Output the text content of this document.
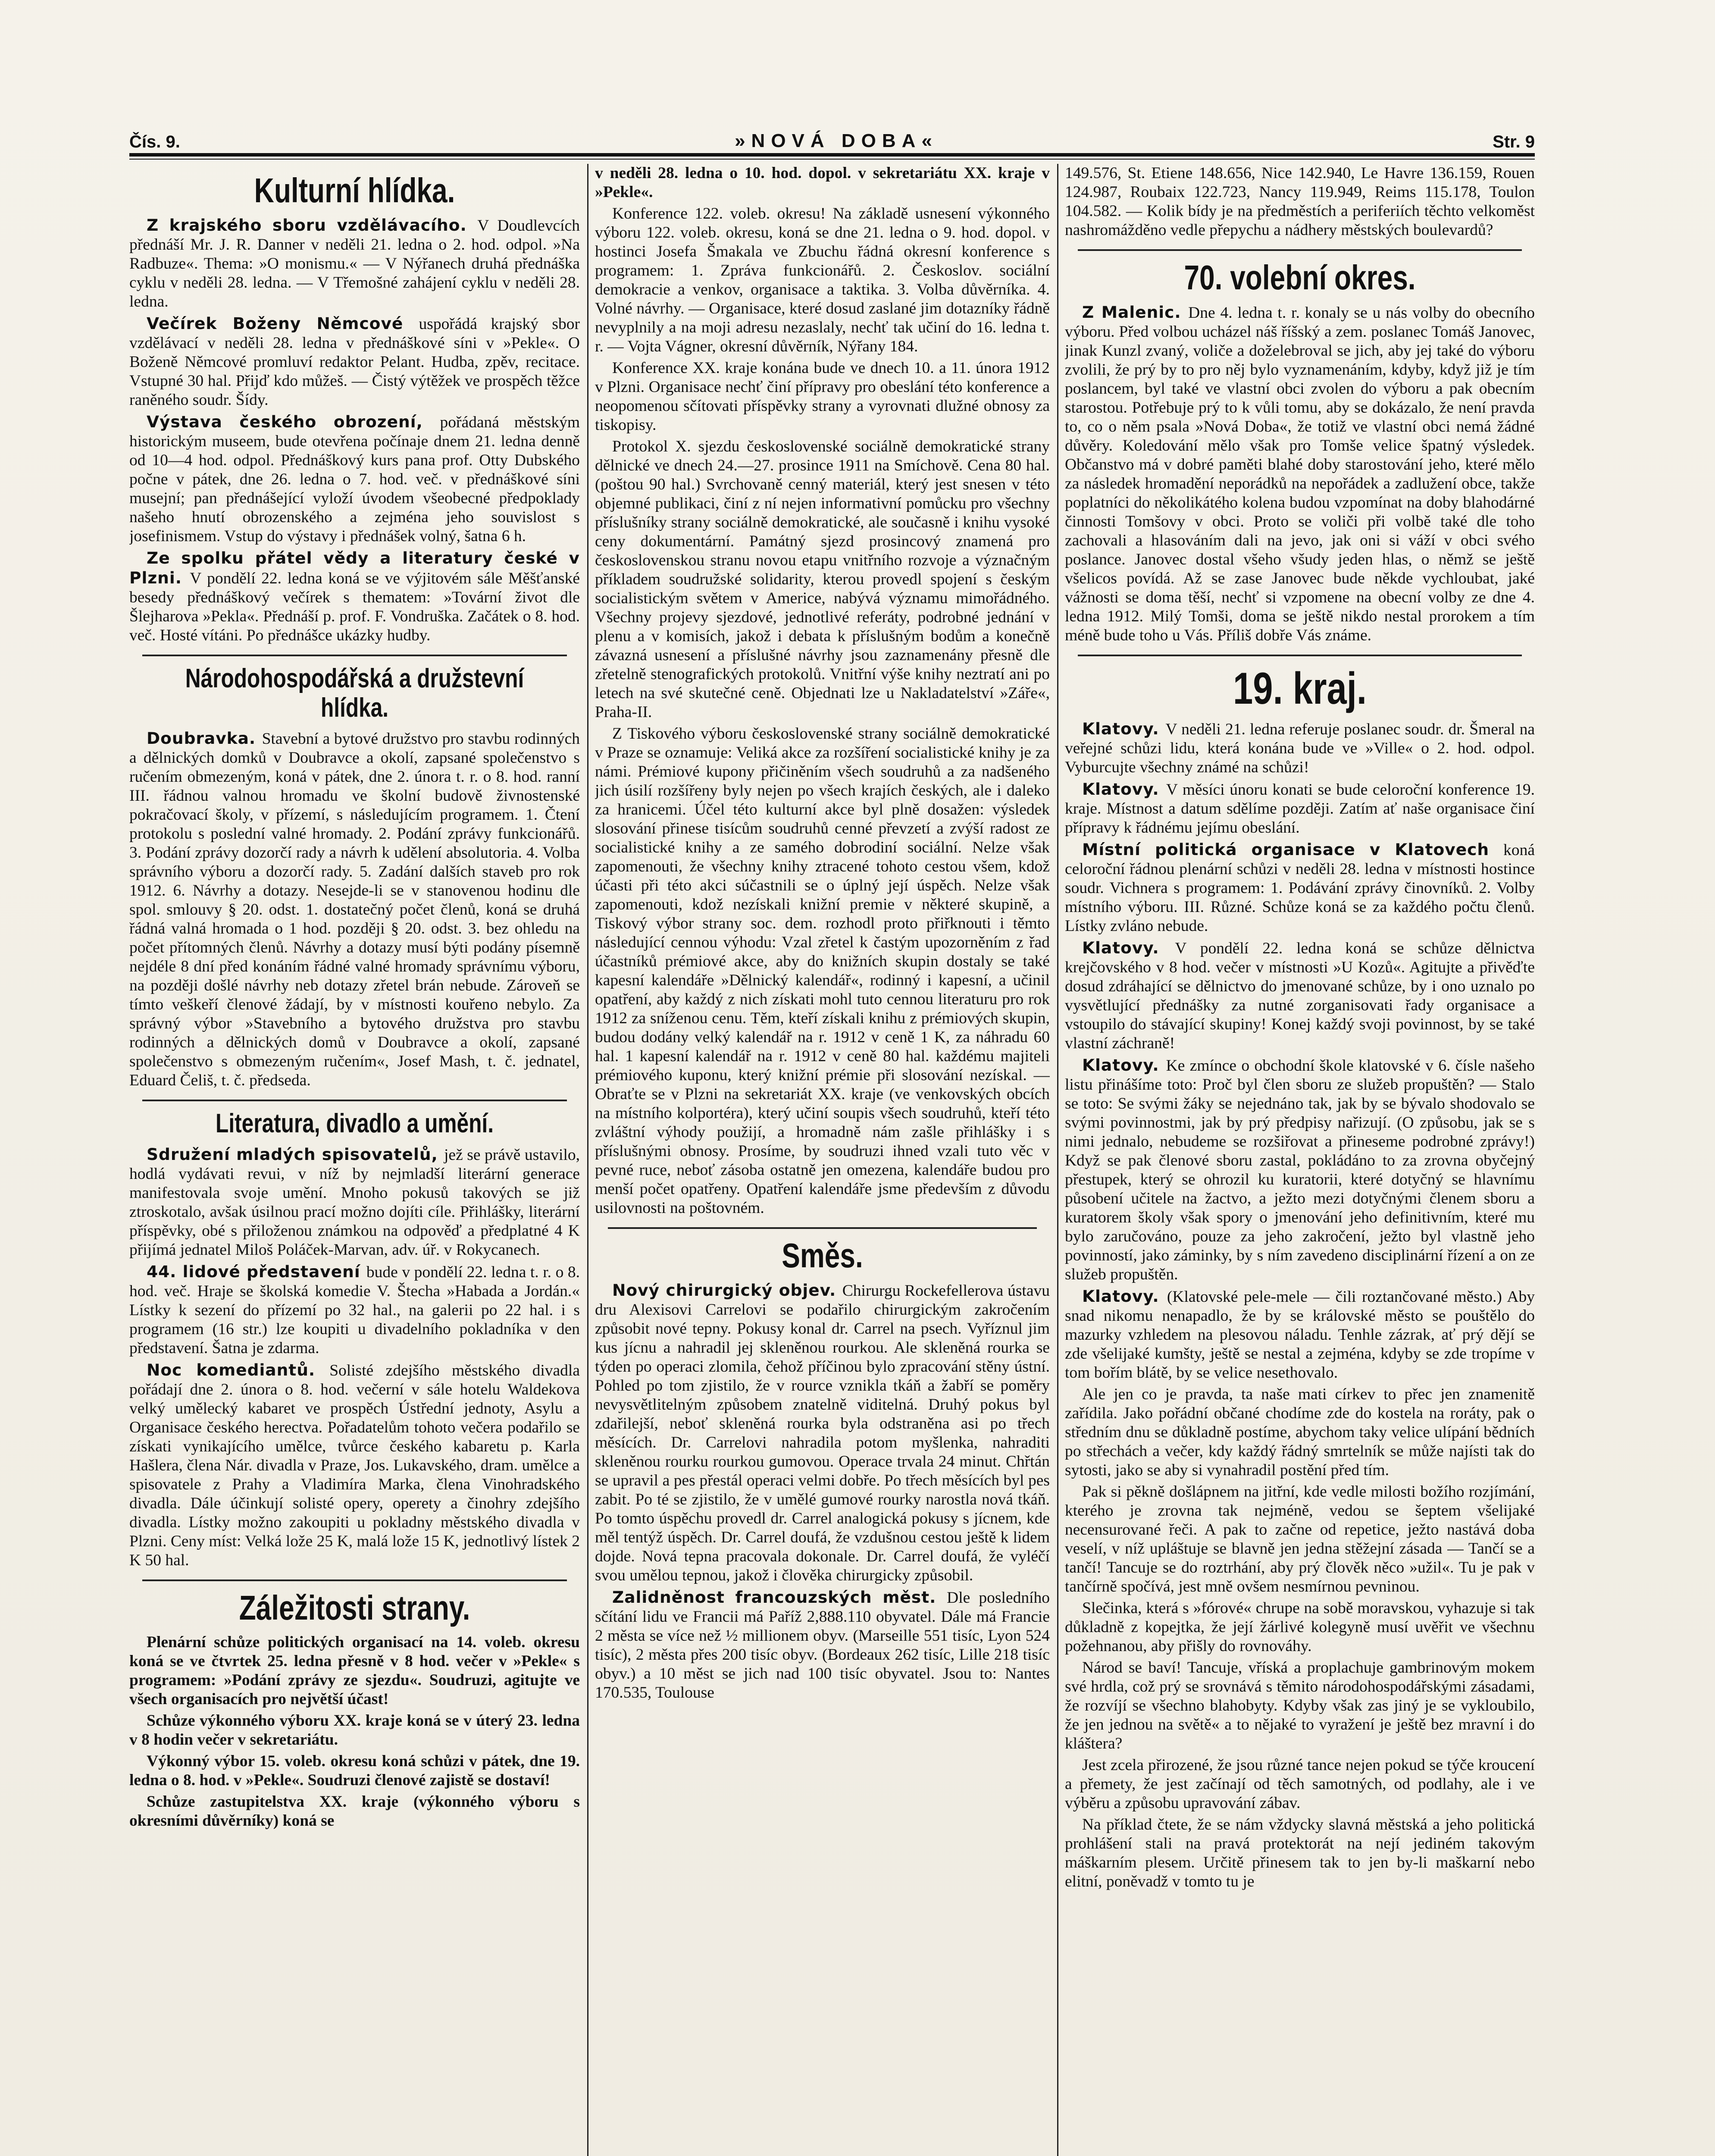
Čís. 9.	»NOVÁ DOBA«	Str. 9
Kulturní hlídka.

Z krajského sboru vzdělávacího. V Doudlevcích přednáší Mr. J. R. Danner v neděli 21. ledna o 2. hod. odpol. »Na Radbuze«. Thema: »O monismu.« — V Nýřanech druhá přednáška cyklu v neděli 28. ledna. — V Třemošné zahájení cyklu v neděli 28. ledna.

Večírek Boženy Němcové uspořádá krajský sbor vzdělávací v neděli 28. ledna v přednáškové síni v »Pekle«. O Boženě Němcové promluví redaktor Pelant. Hudba, zpěv, recitace. Vstupné 30 hal. Přijď kdo můžeš. — Čistý výtěžek ve prospěch těžce raněného soudr. Šídy.

Výstava českého obrození, pořádaná městským historickým museem, bude otevřena počínaje dnem 21. ledna denně od 10—4 hod. odpol. Přednáškový kurs pana prof. Otty Dubského počne v pátek, dne 26. ledna o 7. hod. več. v přednáškové síni musejní; pan přednášející vyloží úvodem všeobecné předpoklady našeho hnutí obrozenského a zejména jeho souvislost s josefinismem. Vstup do výstavy i přednášek volný, šatna 6 h.

Ze spolku přátel vědy a literatury české v Plzni. V pondělí 22. ledna koná se ve výjitovém sále Měšťanské besedy přednáškový večírek s thematem: »Tovární život dle Šlejharova »Pekla«. Přednáší p. prof. F. Vondruška. Začátek o 8. hod. več. Hosté vítáni. Po přednášce ukázky hudby.

Národohospodářská a družstevní hlídka.

Doubravka. Stavební a bytové družstvo pro stavbu rodinných a dělnických domků v Doubravce a okolí, zapsané společenstvo s ručením obmezeným, koná v pátek, dne 2. února t. r. o 8. hod. ranní III. řádnou valnou hromadu ve školní budově živnostenské pokračovací školy, v přízemí, s následujícím programem. 1. Čtení protokolu s poslední valné hromady. 2. Podání zprávy funkcionářů. 3. Podání zprávy dozorčí rady a návrh k udělení absolutoria. 4. Volba správního výboru a dozorčí rady. 5. Zadání dalších staveb pro rok 1912. 6. Návrhy a dotazy. Nesejde-li se v stanovenou hodinu dle spol. smlouvy § 20. odst. 1. dostatečný počet členů, koná se druhá řádná valná hromada o 1 hod. později § 20. odst. 3. bez ohledu na počet přítomných členů. Návrhy a dotazy musí býti podány písemně nejdéle 8 dní před konáním řádné valné hromady správnímu výboru, na později došlé návrhy neb dotazy zřetel brán nebude. Zároveň se tímto veškeří členové žádají, by v místnosti kouřeno nebylo. Za správný výbor »Stavebního a bytového družstva pro stavbu rodinných a dělnických domů v Doubravce a okolí, zapsané společenstvo s obmezeným ručením«, Josef Mash, t. č. jednatel, Eduard Čeliš, t. č. předseda.

Literatura, divadlo a umění.

Sdružení mladých spisovatelů, jež se právě ustavilo, hodlá vydávati revui, v níž by nejmladší literární generace manifestovala svoje umění. Mnoho pokusů takových se již ztroskotalo, avšak úsilnou prací možno dojíti cíle. Přihlášky, literární příspěvky, obé s přiloženou známkou na odpověď a předplatné 4 K přijímá jednatel Miloš Poláček-Marvan, adv. úř. v Rokycanech.

44. lidové představení bude v pondělí 22. ledna t. r. o 8. hod. več. Hraje se školská komedie V. Štecha »Habada a Jordán.« Lístky k sezení do přízemí po 32 hal., na galerii po 22 hal. i s programem (16 str.) lze koupiti u divadelního pokladníka v den představení. Šatna je zdarma.

Noc komediantů. Solisté zdejšího městského divadla pořádají dne 2. února o 8. hod. večerní v sále hotelu Waldekova velký umělecký kabaret ve prospěch Ústřední jednoty, Asylu a Organisace českého herectva. Pořadatelům tohoto večera podařilo se získati vynikajícího umělce, tvůrce českého kabaretu p. Karla Hašlera, člena Nár. divadla v Praze, Jos. Lukavského, dram. umělce a spisovatele z Prahy a Vladimíra Marka, člena Vinohradského divadla. Dále účinkují solisté opery, operety a činohry zdejšího divadla. Lístky možno zakoupiti u pokladny městského divadla v Plzni. Ceny míst: Velká lože 25 K, malá lože 15 K, jednotlivý lístek 2 K 50 hal.

Záležitosti strany.

Plenární schůze politických organisací na 14. voleb. okresu koná se ve čtvrtek 25. ledna přesně v 8 hod. večer v »Pekle« s programem: »Podání zprávy ze sjezdu«. Soudruzi, agitujte ve všech organisacích pro největší účast!

Schůze výkonného výboru XX. kraje koná se v úterý 23. ledna v 8 hodin večer v sekretariátu.

Výkonný výbor 15. voleb. okresu koná schůzi v pátek, dne 19. ledna o 8. hod. v »Pekle«. Soudruzi členové zajistě se dostaví!

Schůze zastupitelstva XX. kraje (výkonného výboru s okresními důvěrníky) koná se

v neděli 28. ledna o 10. hod. dopol. v sekretariátu XX. kraje v »Pekle«.

Konference 122. voleb. okresu! Na základě usnesení výkonného výboru 122. voleb. okresu, koná se dne 21. ledna o 9. hod. dopol. v hostinci Josefa Šmakala ve Zbuchu řádná okresní konference s programem: 1. Zpráva funkcionářů. 2. Českoslov. sociální demokracie a venkov, organisace a taktika. 3. Volba důvěrníka. 4. Volné návrhy. — Organisace, které dosud zaslané jim dotazníky řádně nevyplnily a na moji adresu nezaslaly, nechť tak učiní do 16. ledna t. r. — Vojta Vágner, okresní důvěrník, Nýřany 184.

Konference XX. kraje konána bude ve dnech 10. a 11. února 1912 v Plzni. Organisace nechť činí přípravy pro obeslání této konference a neopomenou sčítovati příspěvky strany a vyrovnati dlužné obnosy za tiskopisy.

Protokol X. sjezdu československé sociálně demokratické strany dělnické ve dnech 24.—27. prosince 1911 na Smíchově. Cena 80 hal. (poštou 90 hal.) Svrchovaně cenný materiál, který jest snesen v této objemné publikaci, činí z ní nejen informativní pomůcku pro všechny příslušníky strany sociálně demokratické, ale současně i knihu vysoké ceny dokumentární. Památný sjezd prosincový znamená pro československou stranu novou etapu vnitřního rozvoje a význačným příkladem soudružské solidarity, kterou provedl spojení s českým socialistickým světem v Americe, nabývá významu mimořádného. Všechny projevy sjezdové, jednotlivé referáty, podrobné jednání v plenu a v komisích, jakož i debata k příslušným bodům a konečně závazná usnesení a příslušné návrhy jsou zaznamenány přesně dle zřetelně stenografických protokolů. Vnitřní výše knihy neztratí ani po letech na své skutečné ceně. Objednati lze u Nakladatelství »Záře«, Praha-II.

Z Tiskového výboru československé strany sociálně demokratické v Praze se oznamuje: Veliká akce za rozšíření socialistické knihy je za námi. Prémiové kupony přičiněním všech soudruhů a za nadšeného jich úsilí rozšířeny byly nejen po všech krajích českých, ale i daleko za hranicemi. Účel této kulturní akce byl plně dosažen: výsledek slosování přinese tisícům soudruhů cenné převzetí a zvýší radost ze socialistické knihy a ze samého dobrodiní sociální. Nelze však zapomenouti, že všechny knihy ztracené tohoto cestou všem, kdož účasti při této akci súčastnili se o úplný její úspěch. Nelze však zapomenouti, kdož nezískali knižní premie v některé skupině, a Tiskový výbor strany soc. dem. rozhodl proto přiřknouti i těmto následující cennou výhodu: Vzal zřetel k častým upozorněním z řad účastníků prémiové akce, aby do knižních skupin dostaly se také kapesní kalendáře »Dělnický kalendář«, rodinný i kapesní, a učinil opatření, aby každý z nich získati mohl tuto cennou literaturu pro rok 1912 za sníženou cenu. Těm, kteří získali knihu z prémiových skupin, budou dodány velký kalendář na r. 1912 v ceně 1 K, za náhradu 60 hal. 1 kapesní kalendář na r. 1912 v ceně 80 hal. každému majiteli prémiového kuponu, který knižní prémie při slosování nezískal. — Obraťte se v Plzni na sekretariát XX. kraje (ve venkovských obcích na místního kolportéra), který učiní soupis všech soudruhů, kteří této zvláštní výhody použijí, a hromadně nám zašle přihlášky i s příslušnými obnosy. Prosíme, by soudruzi ihned vzali tuto věc v pevné ruce, neboť zásoba ostatně jen omezena, kalendáře budou pro menší počet opatřeny. Opatření kalendáře jsme především z důvodu usilovnosti na poštovném.

Směs.

Nový chirurgický objev. Chirurgu Rockefellerova ústavu dru Alexisovi Carrelovi se podařilo chirurgickým zakročením způsobit nové tepny. Pokusy konal dr. Carrel na psech. Vyříznul jim kus jícnu a nahradil jej skleněnou rourkou. Ale skleněná rourka se týden po operaci zlomila, čehož příčinou bylo zpracování stěny ústní. Pohled po tom zjistilo, že v rource vznikla tkáň a žabří se poměry nevysvětlitelným způsobem znatelně viditelná. Druhý pokus byl zdařilejší, neboť skleněná rourka byla odstraněna asi po třech měsících. Dr. Carrelovi nahradila potom myšlenka, nahraditi skleněnou rourku rourkou gumovou. Operace trvala 24 minut. Chřtán se upravil a pes přestál operaci velmi dobře. Po třech měsících byl pes zabit. Po té se zjistilo, že v umělé gumové rourky narostla nová tkáň. Po tomto úspěchu provedl dr. Carrel analogická pokusy s jícnem, kde měl tentýž úspěch. Dr. Carrel doufá, že vzdušnou cestou ještě k lidem dojde. Nová tepna pracovala dokonale. Dr. Carrel doufá, že vyléčí svou umělou tepnou, jakož i člověka chirurgicky způsobil.

Zalidněnost francouzských měst. Dle posledního sčítání lidu ve Francii má Paříž 2,888.110 obyvatel. Dále má Francie 2 města se více než ½ millionem obyv. (Marseille 551 tisíc, Lyon 524 tisíc), 2 města přes 200 tisíc obyv. (Bordeaux 262 tisíc, Lille 218 tisíc obyv.) a 10 měst se jich nad 100 tisíc obyvatel. Jsou to: Nantes 170.535, Toulouse

149.576, St. Etiene 148.656, Nice 142.940, Le Havre 136.159, Rouen 124.987, Roubaix 122.723, Nancy 119.949, Reims 115.178, Toulon 104.582. — Kolik bídy je na předměstích a periferiích těchto velkoměst nashromážděno vedle přepychu a nádhery městských boulevardů?

70. volební okres.

Z Malenic. Dne 4. ledna t. r. konaly se u nás volby do obecního výboru. Před volbou ucházel náš říšský a zem. poslanec Tomáš Janovec, jinak Kunzl zvaný, voliče a doželebroval se jich, aby jej také do výboru zvolili, že prý by to pro něj bylo vyznamenáním, kdyby, když již je tím poslancem, byl také ve vlastní obci zvolen do výboru a pak obecním starostou. Potřebuje prý to k vůli tomu, aby se dokázalo, že není pravda to, co o něm psala »Nová Doba«, že totiž ve vlastní obci nemá žádné důvěry. Koledování mělo však pro Tomše velice špatný výsledek. Občanstvo má v dobré paměti blahé doby starostování jeho, které mělo za následek hromadění neporádků na nepořádek a zadlužení obce, takže poplatníci do několikátého kolena budou vzpomínat na doby blahodárné činnosti Tomšovy v obci. Proto se voliči při volbě také dle toho zachovali a hlasováním dali na jevo, jak oni si váží v obci svého poslance. Janovec dostal všeho všudy jeden hlas, o němž se ještě všelicos povídá. Až se zase Janovec bude někde vychloubat, jaké vážnosti se doma těší, nechť si vzpomene na obecní volby ze dne 4. ledna 1912. Milý Tomši, doma se ještě nikdo nestal prorokem a tím méně bude toho u Vás. Příliš dobře Vás známe.

19. kraj.

Klatovy. V neděli 21. ledna referuje poslanec soudr. dr. Šmeral na veřejné schůzi lidu, která konána bude ve »Ville« o 2. hod. odpol. Vyburcujte všechny známé na schůzi!

Klatovy. V měsíci únoru konati se bude celoroční konference 19. kraje. Místnost a datum sdělíme později. Zatím ať naše organisace činí přípravy k řádnému jejímu obeslání.

Místní politická organisace v Klatovech koná celoroční řádnou plenární schůzi v neděli 28. ledna v místnosti hostince soudr. Vichnera s programem: 1. Podávání zprávy činovníků. 2. Volby místního výboru. III. Různé. Schůze koná se za každého počtu členů. Lístky zvláno nebude.

Klatovy. V pondělí 22. ledna koná se schůze dělnictva krejčovského v 8 hod. večer v místnosti »U Kozů«. Agitujte a přivěďte dosud zdráhající se dělnictvo do jmenované schůze, by i ono uznalo po vysvětlující přednášky za nutné zorganisovati řady organisace a vstoupilo do stávající skupiny! Konej každý svoji povinnost, by se také vlastní záchraně!

Klatovy. Ke zmínce o obchodní škole klatovské v 6. čísle našeho listu přinášíme toto: Proč byl člen sboru ze služeb propuštěn? — Stalo se toto: Se svými žáky se nejednáno tak, jak by se bývalo shodovalo se svými povinnostmi, jak by prý předpisy nařizují. (O způsobu, jak se s nimi jednalo, nebudeme se rozšiřovat a přineseme podrobné zprávy!) Když se pak členové sboru zastal, pokládáno to za zrovna obyčejný přestupek, který se ohrozil ku kuratorii, které dotyčný se hlavnímu působení učitele na žactvo, a ježto mezi dotyčnými členem sboru a kuratorem školy však spory o jmenování jeho definitivním, které mu bylo zaručováno, pouze za jeho zakročení, ježto byl vlastně jeho povinností, jako záminky, by s ním zavedeno disciplinární řízení a on ze služeb propuštěn.

Klatovy. (Klatovské pele-mele — čili roztančované město.) Aby snad nikomu nenapadlo, že by se královské město se pouštělo do mazurky vzhledem na plesovou náladu. Tenhle zázrak, ať prý dějí se zde všelijaké kumšty, ještě se nestal a zejména, kdyby se zde tropíme v tom bořím blátě, by se velice nesethovalo.

Ale jen co je pravda, ta naše mati církev to přec jen znamenitě zařídila. Jako pořádní občané chodíme zde do kostela na roráty, pak o středním dnu se důkladně postíme, abychom taky velice ulípání bědních po střechách a večer, kdy každý řádný smrtelník se může najísti tak do sytosti, jako se aby si vynahradil postění před tím.

Pak si pěkně došlápnem na jitřní, kde vedle milosti božího rozjímání, kterého je zrovna tak nejméně, vedou se šeptem všelijaké necensurované řeči. A pak to začne od repetice, ježto nastává doba veselí, v níž upláštuje se blavně jen jedna stěžejní zásada — Tančí se a tančí! Tancuje se do roztrhání, aby prý člověk něco »užil«. Tu je pak v tančírně spočívá, jest mně ovšem nesmírnou pevninou.

Slečinka, která s »fórové« chrupe na sobě moravskou, vyhazuje si tak důkladně z kopejtka, že její žárlivé kolegyně musí uvěřit ve všechnu požehnanou, aby přišly do rovnováhy.

Národ se baví! Tancuje, vříská a proplachuje gambrinovým mokem své hrdla, což prý se srovnává s těmito národohospodářskými zásadami, že rozvíjí se všechno blahobyty. Kdyby však zas jiný je se vykloubilo, že jen jednou na světě« a to nějaké to vyražení je ještě bez mravní i do kláštera?

Jest zcela přirozené, že jsou různé tance nejen pokud se týče kroucení a přemety, že jest začínají od těch samotných, od podlahy, ale i ve výběru a způsobu upravování zábav.

Na příklad čtete, že se nám vždycky slavná městská a jeho politická prohlášení stali na pravá protektorát na nejí jediném takovým máškarním plesem. Určitě přinesem tak to jen by-li maškarní nebo elitní, poněvadž v tomto tu je
